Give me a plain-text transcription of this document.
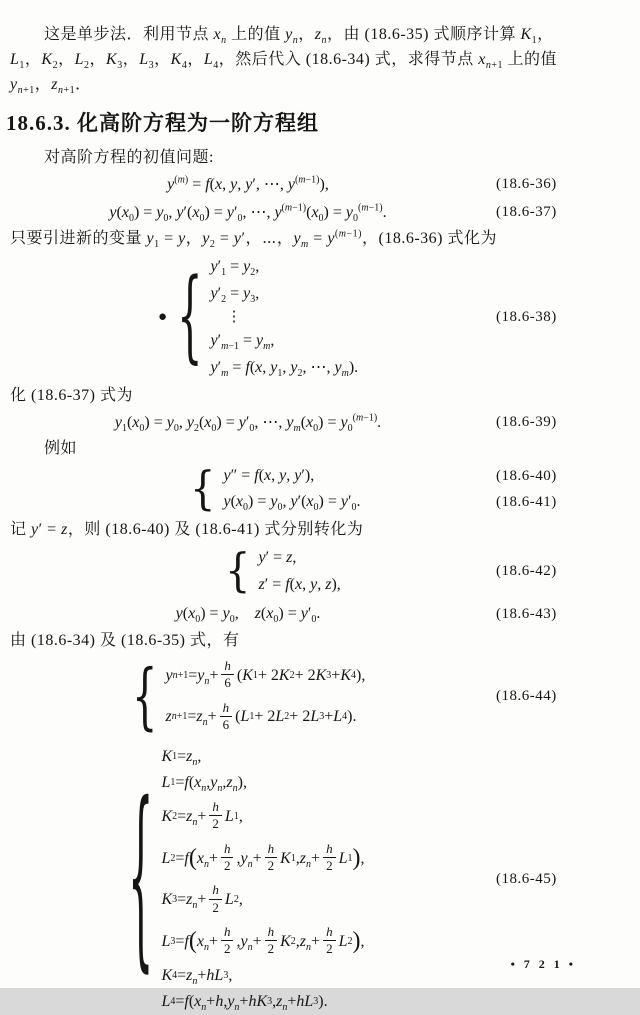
这是单步法．利用节点 $x_n$ 上的值 $y_n$，$z_n$，由 (18.6-35) 式顺序计算 $K_1$，
$L_1$，$K_2$，$L_2$，$K_3$，$L_3$，$K_4$，$L_4$，然后代入 (18.6-34) 式，求得节点 $x_{n+1}$ 上的值
$y_{n+1}$，$z_{n+1}$．
18.6.3. 化高阶方程为一阶方程组
对高阶方程的初值问题:
$y^{(m)} = f(x$, y, y′, ⋯, $y^{(m-1)}$),	(18.6-36)
$y(x_0) = y_0$, $y'(x_0) = y'_0$, ⋯, $y^{(m-1)}(x_0) = y_0^{(m-1)}$.	(18.6-37)
只要引进新的变量 $y_1 = y$，$y_2 = y'$，⋯，$y_m = y^{(m-1)}$，(18.6-36) 式化为
● { $y'_1 = y_2$,
$y'_2 = y_3$,
⋮
$y'_{m-1} = y_m$,
$y'_m = f(x$, $y_1$, $y_2$, ⋯, $y_m$).
(18.6-38)
化 (18.6-37) 式为
$y_1(x_0) = y_0$, $y_2(x_0) = y'_0$, ⋯, $y_m(x_0) = y_0^{(m-1)}$.	(18.6-39)
例如
{ y″ = f(x, y, y′),	(18.6-40)
$y(x_0) = y_0$, $y'(x_0) = y'_0$.	(18.6-41)
记 y′ = z，则 (18.6-40) 及 (18.6-41) 式分别转化为
{ y′ = z,
z′ = f(x, y, z),
(18.6-42)
$y(x_0) = y_0$,    $z(x_0) = y'_0$.	(18.6-43)
由 (18.6-34) 及 (18.6-35) 式，有
{ y $n+1 = y_n$ +
h
6 ( K 1 + 2 K 2 + 2 K 3 + K 4 ),
z $n+1 = z_n$ +
h
6 ( L 1 + 2 L 2 + 2 L 3 + L 4 ).
(18.6-44)
{
K $1 = z_n$ ,
L 1 = f ( $x_n$ , $y_n$ , $z_n$ ),
K $2 = z_n$ +
h
2 L 1 ,
L 2 = f ( $x_n$ +
h
2 , $y_n$ +
h
2 K 1 , $z_n$ +
h
2 L 1 ) ,
K $3 = z_n$ +
h
2 L 2 ,
L 3 = f ( $x_n$ +
h
2 , $y_n$ +
h
2 K 2 , $z_n$ +
h
2 L 2 ) ,
K $4 = z_n$ + hL 3 ,
L 4 = f ( $x_n + h$ , $y_n$ + hK 3 , $z_n$ + hL 3 ).
(18.6-45)
• 7 2 1 •
